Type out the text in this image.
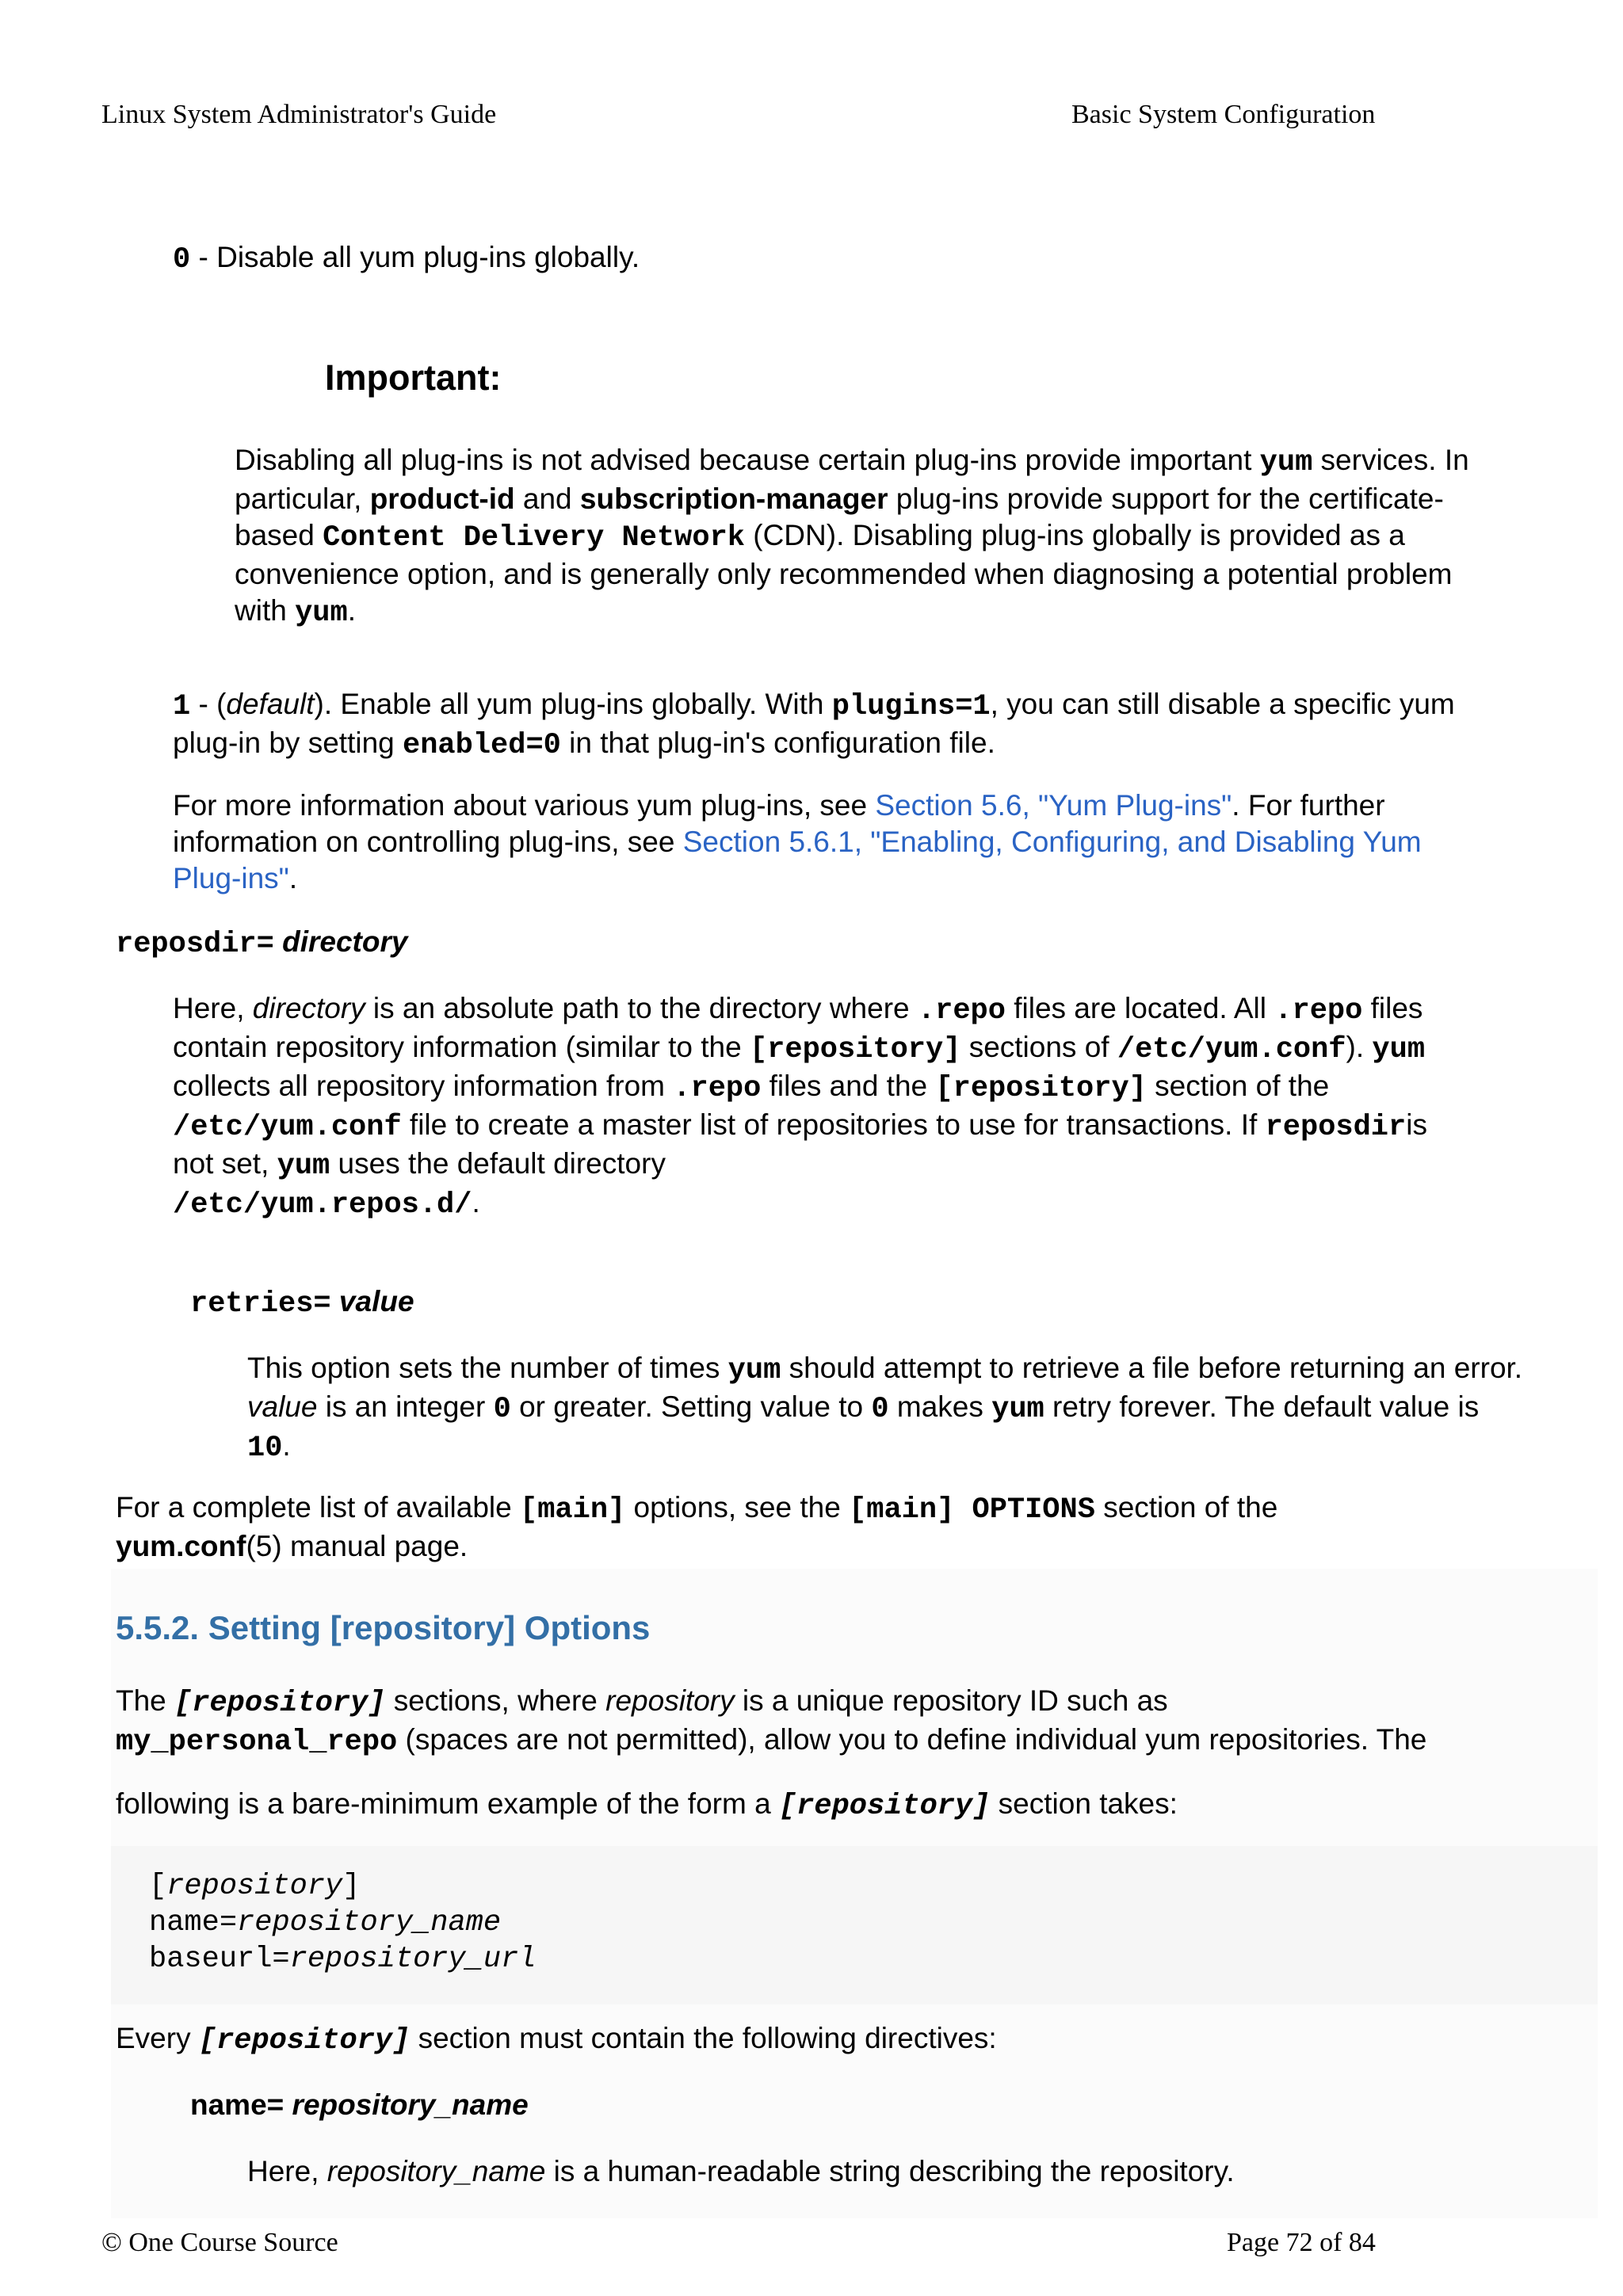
Linux System Administrator's Guide	Basic System Configuration

0 - Disable all yum plug-ins globally.

Important:

Disabling all plug-ins is not advised because certain plug-ins provide important yum services. In particular, product-id and subscription-manager plug-ins provide support for the certificate-based Content Delivery Network (CDN). Disabling plug-ins globally is provided as a convenience option, and is generally only recommended when diagnosing a potential problem with yum.

1 - (default). Enable all yum plug-ins globally. With plugins=1, you can still disable a specific yum plug-in by setting enabled=0 in that plug-in's configuration file.

For more information about various yum plug-ins, see Section 5.6, "Yum Plug-ins". For further information on controlling plug-ins, see Section 5.6.1, "Enabling, Configuring, and Disabling Yum Plug-ins".

reposdir= directory

Here, directory is an absolute path to the directory where .repo files are located. All .repo files contain repository information (similar to the [repository] sections of /etc/yum.conf). yum collects all repository information from .repo files and the [repository] section of the /etc/yum.conf file to create a master list of repositories to use for transactions. If reposdiris not set, yum uses the default directory
/etc/yum.repos.d/.

retries= value

This option sets the number of times yum should attempt to retrieve a file before returning an error. value is an integer 0 or greater. Setting value to 0 makes yum retry forever. The default value is 10.

For a complete list of available [main] options, see the [main] OPTIONS section of the
yum.conf(5) manual page.

5.5.2. Setting [repository] Options

The [repository] sections, where repository is a unique repository ID such as
my_personal_repo (spaces are not permitted), allow you to define individual yum repositories. The

following is a bare-minimum example of the form a [repository] section takes:

[repository]
name=repository_name
baseurl=repository_url

Every [repository] section must contain the following directives:

name= repository_name

Here, repository_name is a human-readable string describing the repository.

© One Course Source	Page 72 of 84
